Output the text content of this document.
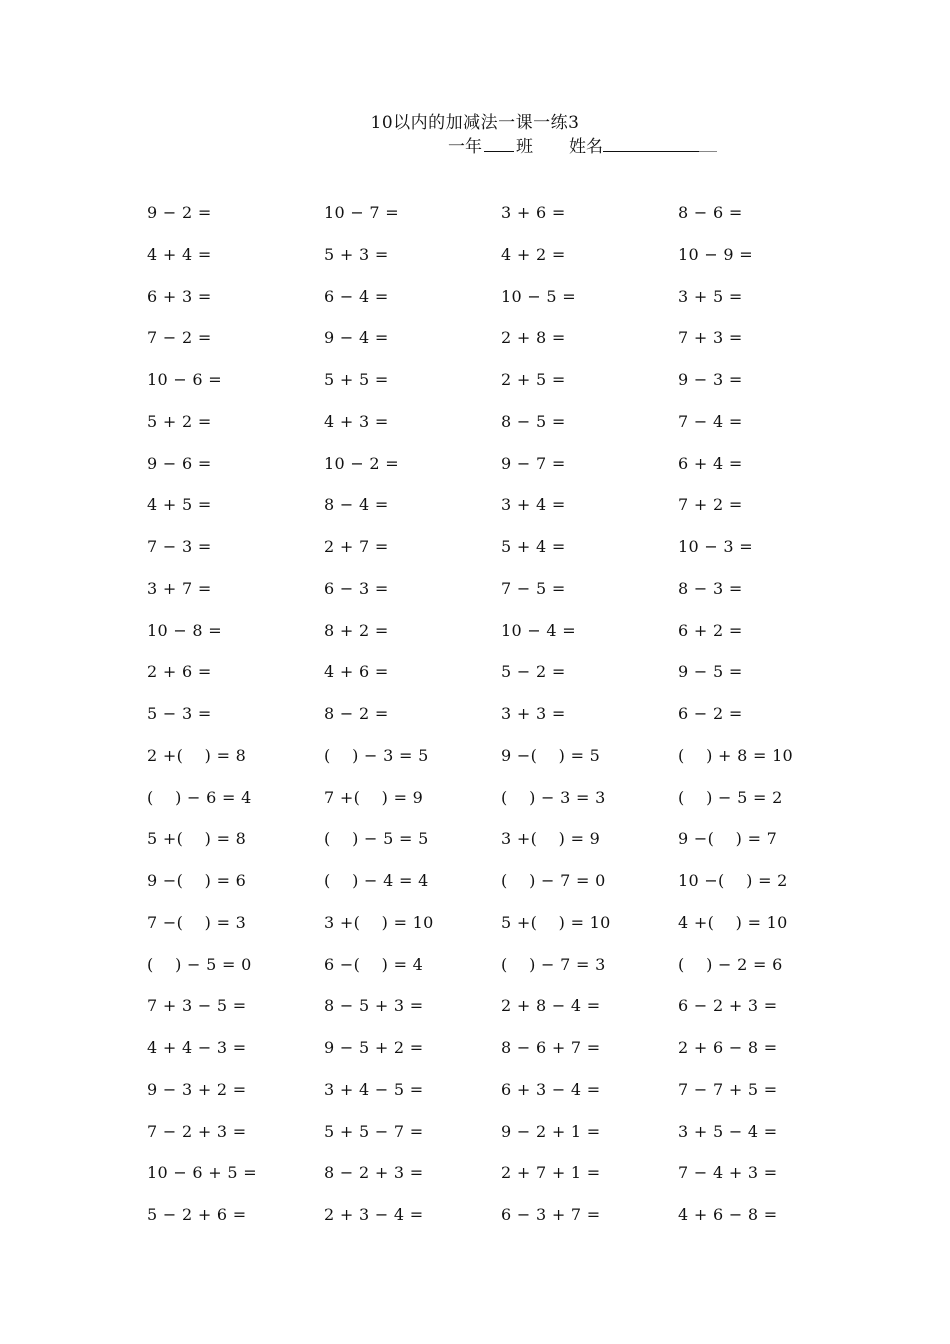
10以内的加减法一课一练3
一年 班 姓名
9 − 2 =	10 − 7 =	3 + 6 =	8 − 6 =
4 + 4 =	5 + 3 =	4 + 2 =	10 − 9 =
6 + 3 =	6 − 4 =	10 − 5 =	3 + 5 =
7 − 2 =	9 − 4 =	2 + 8 =	7 + 3 =
10 − 6 =	5 + 5 =	2 + 5 =	9 − 3 =
5 + 2 =	4 + 3 =	8 − 5 =	7 − 4 =
9 − 6 =	10 − 2 =	9 − 7 =	6 + 4 =
4 + 5 =	8 − 4 =	3 + 4 =	7 + 2 =
7 − 3 =	2 + 7 =	5 + 4 =	10 − 3 =
3 + 7 =	6 − 3 =	7 − 5 =	8 − 3 =
10 − 8 =	8 + 2 =	10 − 4 =	6 + 2 =
2 + 6 =	4 + 6 =	5 − 2 =	9 − 5 =
5 − 3 =	8 − 2 =	3 + 3 =	6 − 2 =
2 +(    ) = 8	(    ) − 3 = 5	9 −(    ) = 5	(    ) + 8 = 10
(    ) − 6 = 4	7 +(    ) = 9	(    ) − 3 = 3	(    ) − 5 = 2
5 +(    ) = 8	(    ) − 5 = 5	3 +(    ) = 9	9 −(    ) = 7
9 −(    ) = 6	(    ) − 4 = 4	(    ) − 7 = 0	10 −(    ) = 2
7 −(    ) = 3	3 +(    ) = 10	5 +(    ) = 10	4 +(    ) = 10
(    ) − 5 = 0	6 −(    ) = 4	(    ) − 7 = 3	(    ) − 2 = 6
7 + 3 − 5 =	8 − 5 + 3 =	2 + 8 − 4 =	6 − 2 + 3 =
4 + 4 − 3 =	9 − 5 + 2 =	8 − 6 + 7 =	2 + 6 − 8 =
9 − 3 + 2 =	3 + 4 − 5 =	6 + 3 − 4 =	7 − 7 + 5 =
7 − 2 + 3 =	5 + 5 − 7 =	9 − 2 + 1 =	3 + 5 − 4 =
10 − 6 + 5 =	8 − 2 + 3 =	2 + 7 + 1 =	7 − 4 + 3 =
5 − 2 + 6 =	2 + 3 − 4 =	6 − 3 + 7 =	4 + 6 − 8 =
